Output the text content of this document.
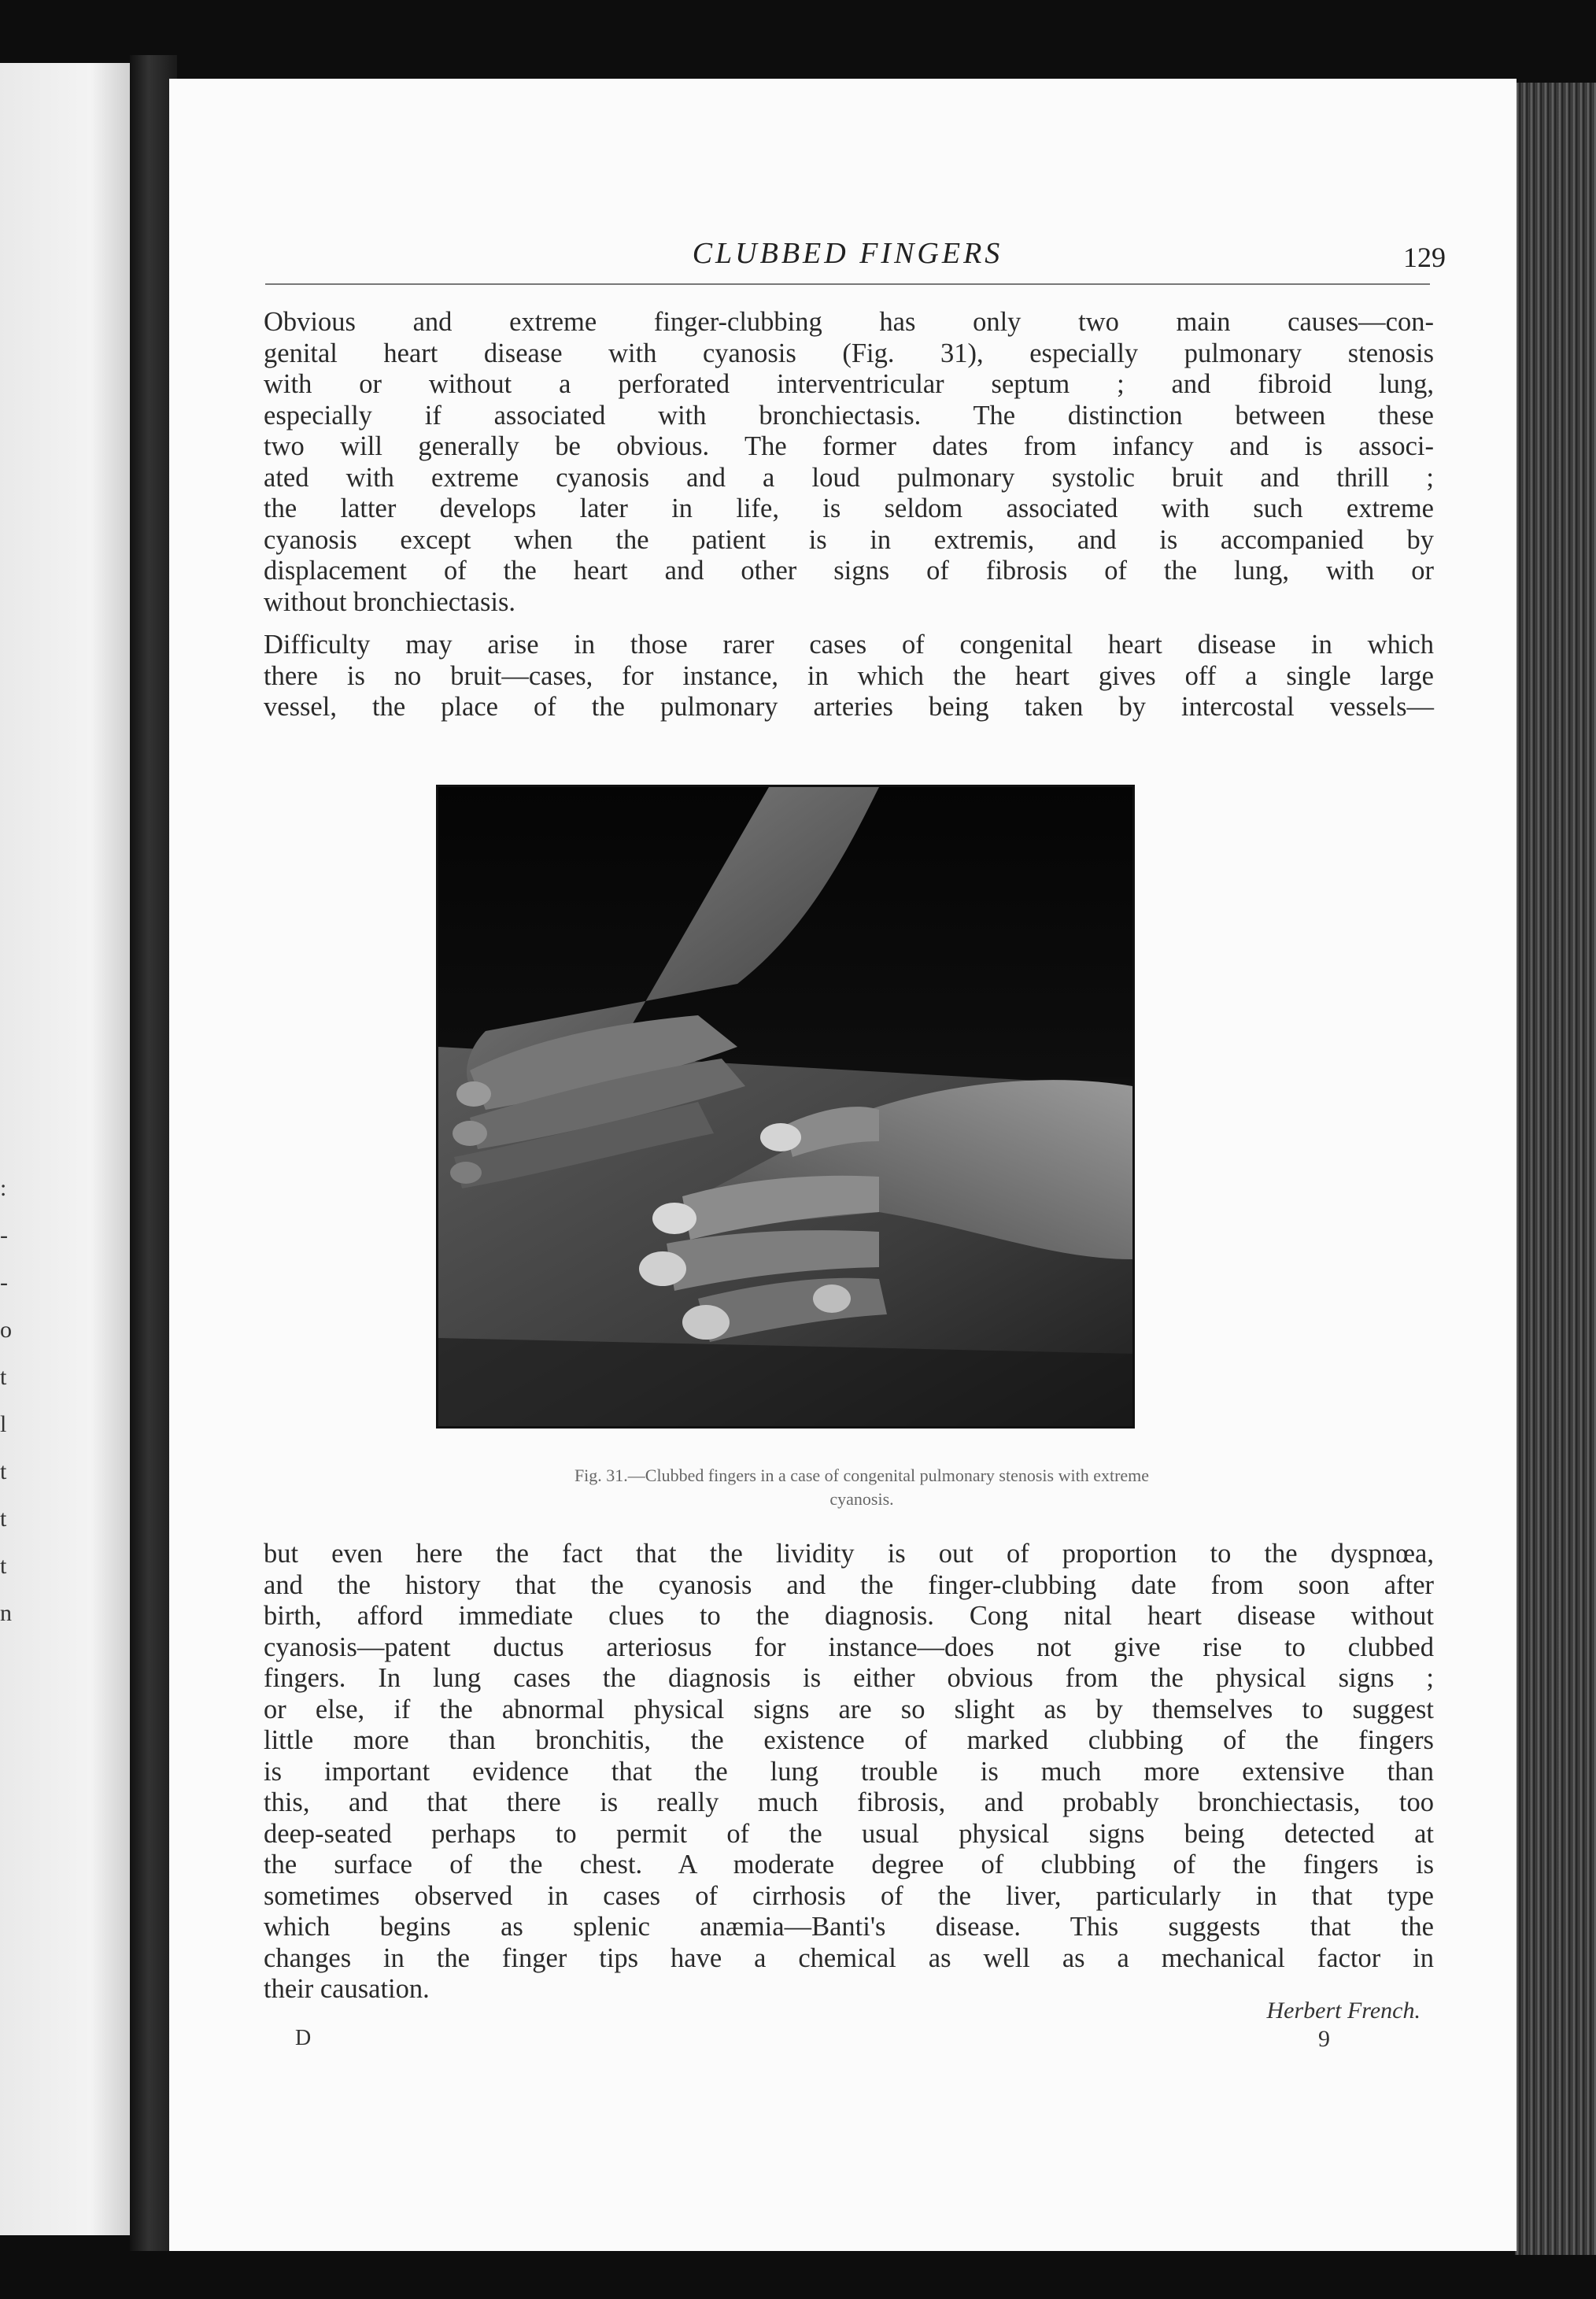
:
-
-
o
t
l
t
t
t
n
CLUBBED FINGERS	129

Obvious and extreme finger-clubbing has only two main causes—con-
genital heart disease with cyanosis (Fig. 31), especially pulmonary stenosis
with or without a perforated interventricular septum ; and fibroid lung,
especially if associated with bronchiectasis. The distinction between these
two will generally be obvious. The former dates from infancy and is associ-
ated with extreme cyanosis and a loud pulmonary systolic bruit and thrill ;
the latter develops later in life, is seldom associated with such extreme
cyanosis except when the patient is in extremis, and is accompanied by
displacement of the heart and other signs of fibrosis of the lung, with or
without bronchiectasis.

Difficulty may arise in those rarer cases of congenital heart disease in which
there is no bruit—cases, for instance, in which the heart gives off a single large
vessel, the place of the pulmonary arteries being taken by intercostal vessels—

Fig. 31.—Clubbed fingers in a case of congenital pulmonary stenosis with extreme
cyanosis.

but even here the fact that the lividity is out of proportion to the dyspnœa,
and the history that the cyanosis and the finger-clubbing date from soon after
birth, afford immediate clues to the diagnosis. Cong nital heart disease without
cyanosis—patent ductus arteriosus for instance—does not give rise to clubbed
fingers. In lung cases the diagnosis is either obvious from the physical signs ;
or else, if the abnormal physical signs are so slight as by themselves to suggest
little more than bronchitis, the existence of marked clubbing of the fingers
is important evidence that the lung trouble is much more extensive than
this, and that there is really much fibrosis, and probably bronchiectasis, too
deep-seated perhaps to permit of the usual physical signs being detected at
the surface of the chest. A moderate degree of clubbing of the fingers is
sometimes observed in cases of cirrhosis of the liver, particularly in that type
which begins as splenic anæmia—Banti's disease. This suggests that the
changes in the finger tips have a chemical as well as a mechanical factor in
their causation.

Herbert French.
D	9
